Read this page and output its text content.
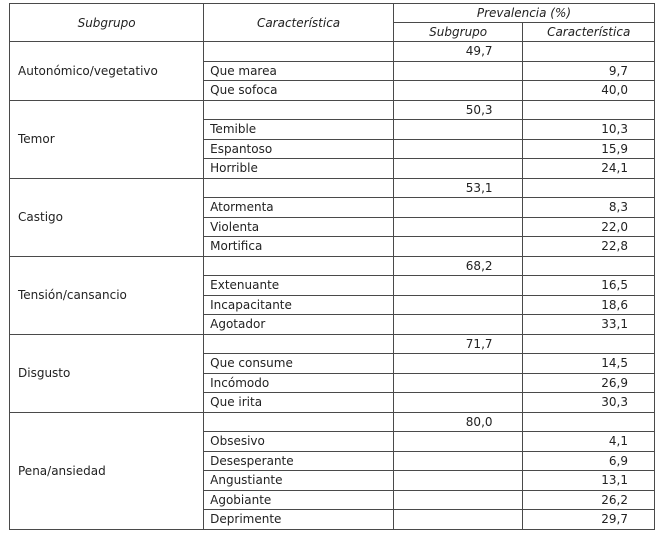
Subgrupo	Característica	Prevalencia (%)	
		Subgrupo	Característica
Autonómico/vegetativo		49,7	
	Que marea		9,7
	Que sofoca		40,0
Temor		50,3	
	Temible		10,3
	Espantoso		15,9
	Horrible		24,1
Castigo		53,1	
	Atormenta		8,3
	Violenta		22,0
	Mortifica		22,8
Tensión/cansancio		68,2	
	Extenuante		16,5
	Incapacitante		18,6
	Agotador		33,1
Disgusto		71,7	
	Que consume		14,5
	Incómodo		26,9
	Que irita		30,3
Pena/ansiedad		80,0	
	Obsesivo		4,1
	Desesperante		6,9
	Angustiante		13,1
	Agobiante		26,2
	Deprimente		29,7
